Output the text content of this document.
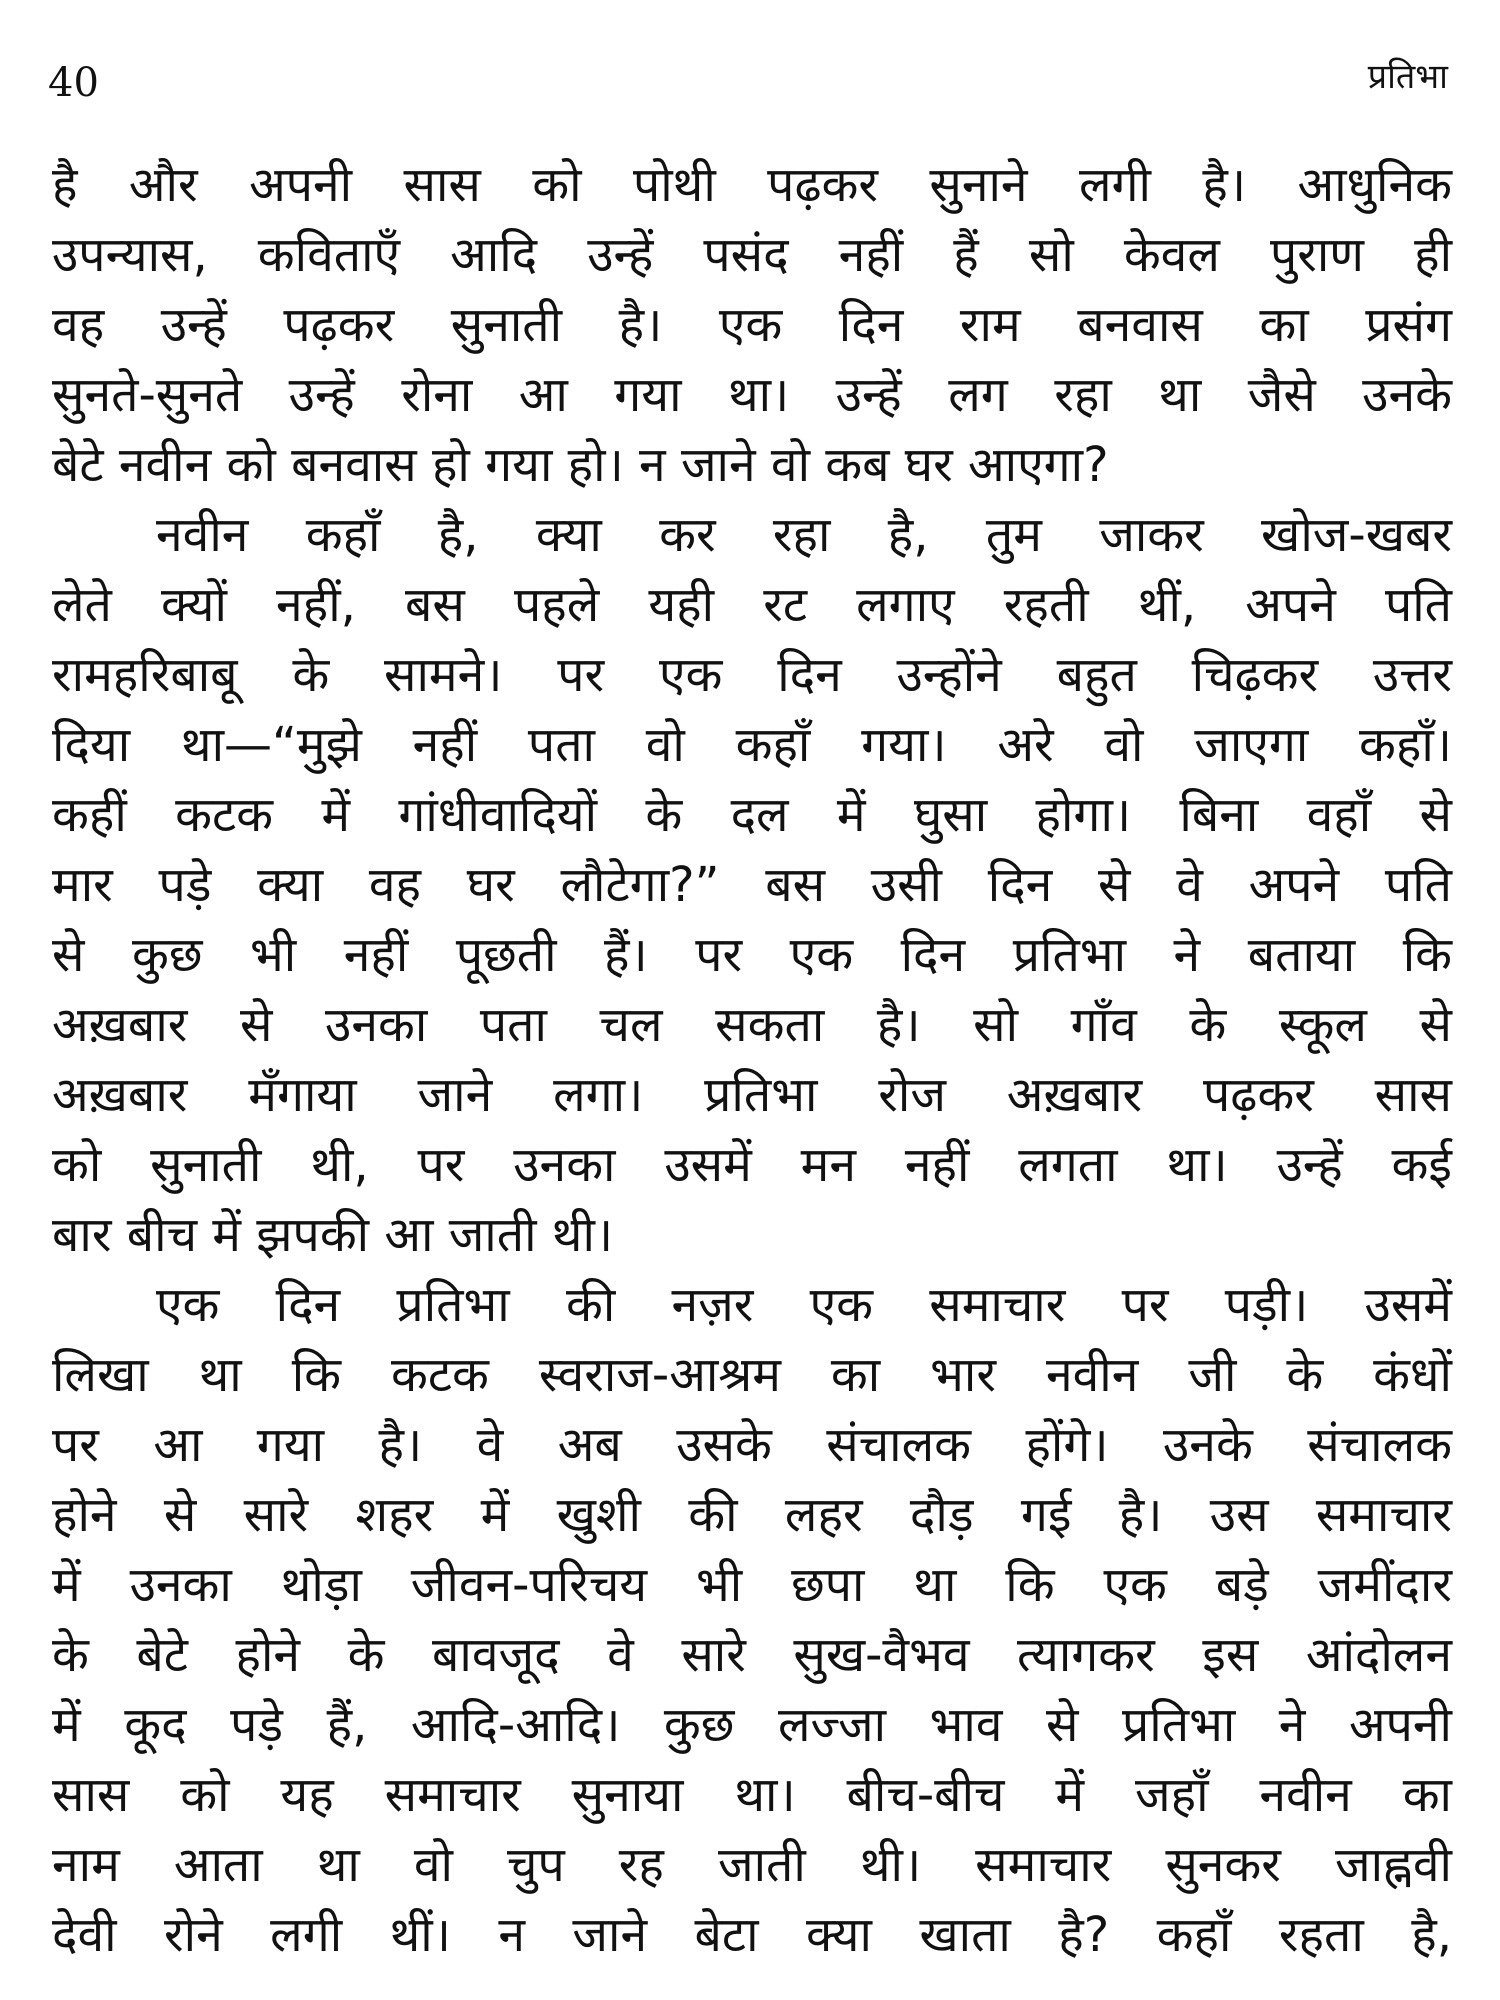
40	प्रतिभा
है और अपनी सास को पोथी पढ़कर सुनाने लगी है। आधुनिक
उपन्यास, कविताएँ आदि उन्हें पसंद नहीं हैं सो केवल पुराण ही
वह उन्हें पढ़कर सुनाती है। एक दिन राम बनवास का प्रसंग
सुनते-सुनते उन्हें रोना आ गया था। उन्हें लग रहा था जैसे उनके
बेटे नवीन को बनवास हो गया हो। न जाने वो कब घर आएगा?
नवीन कहाँ है, क्या कर रहा है, तुम जाकर खोज-खबर
लेते क्यों नहीं, बस पहले यही रट लगाए रहती थीं, अपने पति
रामहरिबाबू के सामने। पर एक दिन उन्होंने बहुत चिढ़कर उत्तर
दिया था—“मुझे नहीं पता वो कहाँ गया। अरे वो जाएगा कहाँ।
कहीं कटक में गांधीवादियों के दल में घुसा होगा। बिना वहाँ से
मार पड़े क्या वह घर लौटेगा?” बस उसी दिन से वे अपने पति
से कुछ भी नहीं पूछती हैं। पर एक दिन प्रतिभा ने बताया कि
अख़बार से उनका पता चल सकता है। सो गाँव के स्कूल से
अख़बार मँगाया जाने लगा। प्रतिभा रोज अख़बार पढ़कर सास
को सुनाती थी, पर उनका उसमें मन नहीं लगता था। उन्हें कई
बार बीच में झपकी आ जाती थी।
एक दिन प्रतिभा की नज़र एक समाचार पर पड़ी। उसमें
लिखा था कि कटक स्वराज-आश्रम का भार नवीन जी के कंधों
पर आ गया है। वे अब उसके संचालक होंगे। उनके संचालक
होने से सारे शहर में खुशी की लहर दौड़ गई है। उस समाचार
में उनका थोड़ा जीवन-परिचय भी छपा था कि एक बड़े जमींदार
के बेटे होने के बावजूद वे सारे सुख-वैभव त्यागकर इस आंदोलन
में कूद पड़े हैं, आदि-आदि। कुछ लज्जा भाव से प्रतिभा ने अपनी
सास को यह समाचार सुनाया था। बीच-बीच में जहाँ नवीन का
नाम आता था वो चुप रह जाती थी। समाचार सुनकर जाह्नवी
देवी रोने लगी थीं। न जाने बेटा क्या खाता है? कहाँ रहता है,
